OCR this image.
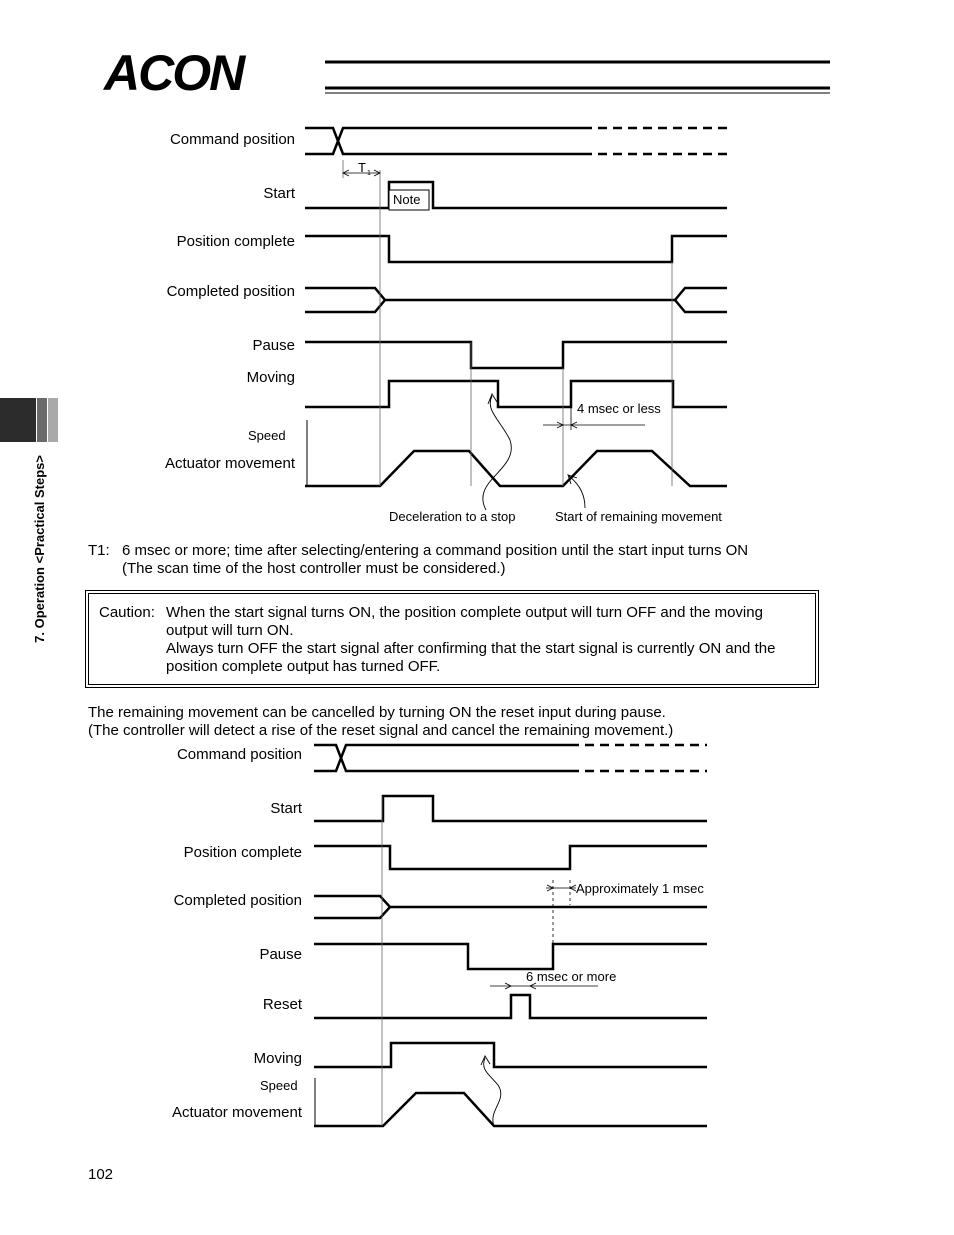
ACON
7. Operation <Practical Steps>
Command position
Start
Position complete
Completed position
Pause
Moving
Speed
Actuator movement
T 1
Note
4 msec or less
Deceleration to a stop	Start of remaining movement
T1: 6 msec or more; time after selecting/entering a command position until the start input turns ON
(The scan time of the host controller must be considered.)
Caution: When the start signal turns ON, the position complete output will turn OFF and the moving
output will turn ON.
Always turn OFF the start signal after confirming that the start signal is currently ON and the
position complete output has turned OFF.
The remaining movement can be cancelled by turning ON the reset input during pause.
(The controller will detect a rise of the reset signal and cancel the remaining movement.)
Command position
Start
Position complete
Completed position
Pause
Reset
Moving
Speed
Actuator movement
Approximately 1 msec
6 msec or more
102
